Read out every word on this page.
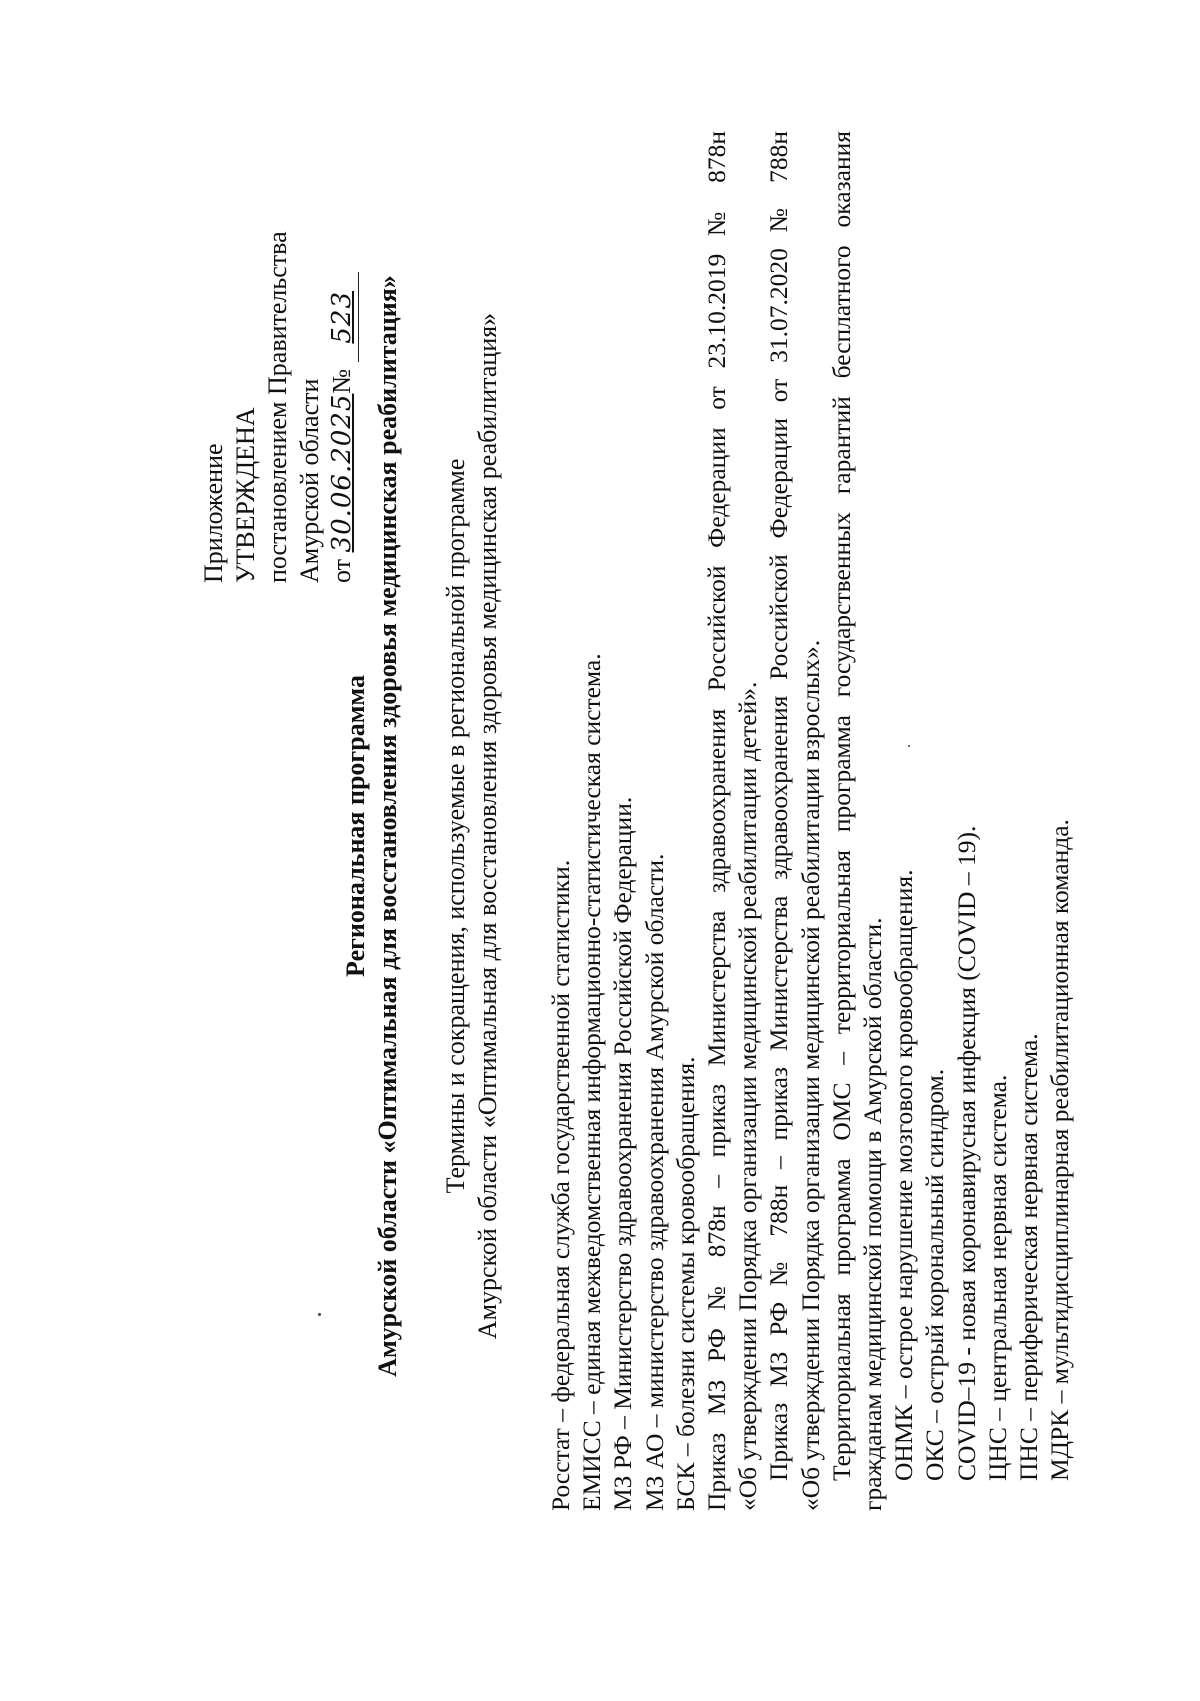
Приложение УТВЕРЖДЕНА постановлением Правительства Амурской области от 30.06.2025№ 523
Региональная программа Амурской области «Оптимальная для восстановления здоровья медицинская реабилитация» Термины и сокращения, используемые в региональной программе Амурской области «Оптимальная для восстановления здоровья медицинская реабилитация» Росстат – федеральная служба государственной статистики. ЕМИСС – единая межведомственная информационно-статистическая система. МЗ РФ – Министерство здравоохранения Российской Федерации. МЗ АО – министерство здравоохранения Амурской области. БСК – болезни системы кровообращения. Приказ МЗ РФ № 878н – приказ Министерства здравоохранения Российской Федерации от 23.10.2019 № 878н «Об утверждении Порядка организации медицинской реабилитации детей». Приказ МЗ РФ № 788н – приказ Министерства здравоохранения Российской Федерации от 31.07.2020 № 788н «Об утверждении Порядка организации медицинской реабилитации взрослых». Территориальная программа ОМС – территориальная программа государственных гарантий бесплатного оказания гражданам медицинской помощи в Амурской области. ОНМК – острое нарушение мозгового кровообращения. ОКС – острый корональный синдром. COVID–19 - новая коронавирусная инфекция (COVID – 19). ЦНС – центральная нервная система. ПНС – периферическая нервная система. МДРК – мультидисциплинарная реабилитационная команда.
